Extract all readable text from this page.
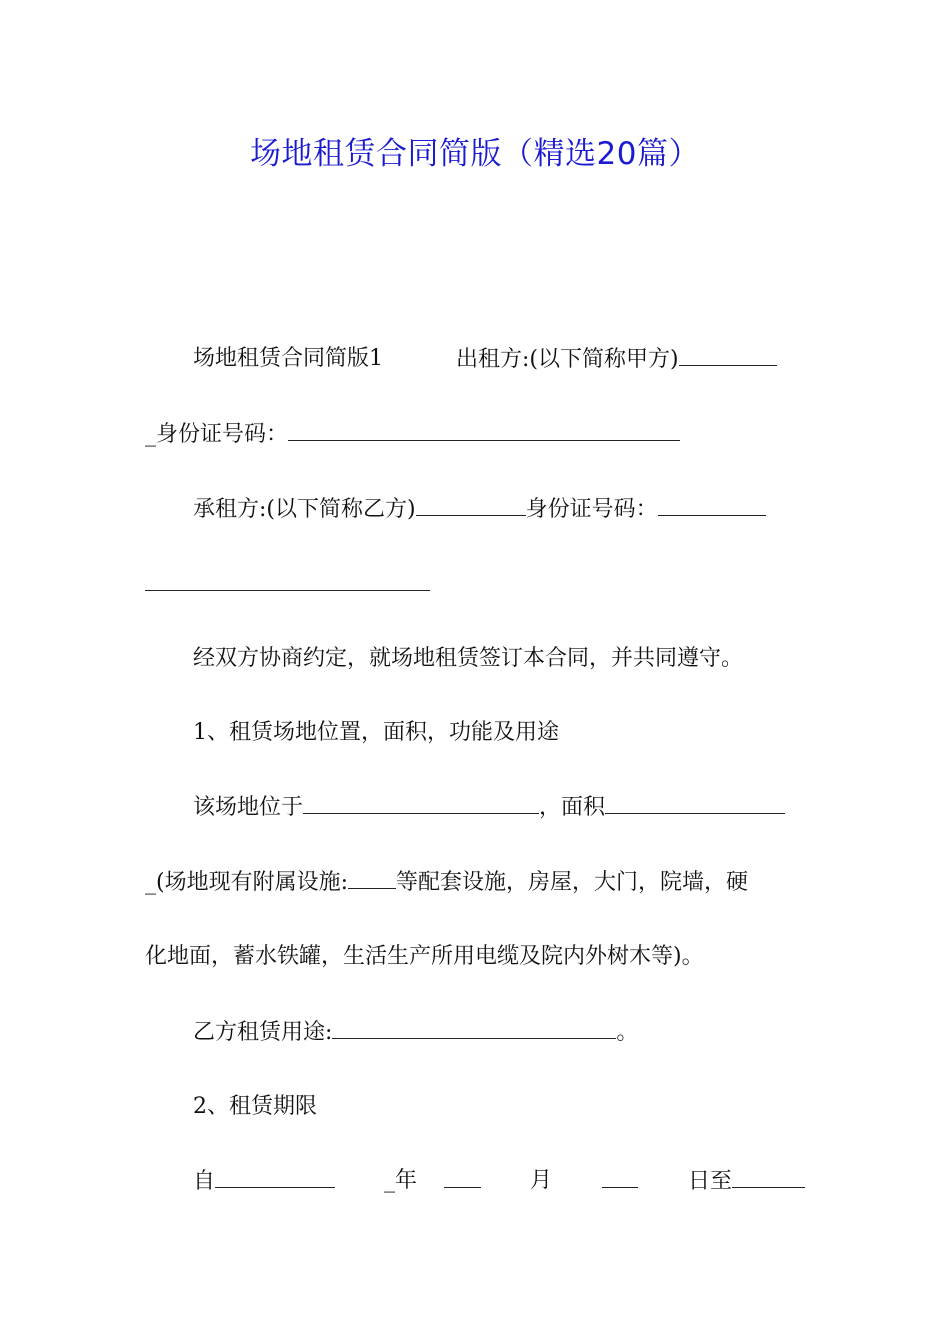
场地租赁合同简版（精选20篇）
场地租赁合同简版1	出租方:(以下简称甲方)
_身份证号码：
承租方:(以下简称乙方)	身份证号码：
经双方协商约定，就场地租赁签订本合同，并共同遵守。
1、租赁场地位置，面积，功能及用途
该场地位于	，面积
_(场地现有附属设施: 等配套设施，房屋，大门，院墙，硬
化地面，蓄水铁罐，生活生产所用电缆及院内外树木等)。
乙方租赁用途:	。
2、租赁期限
自	_年	月	日至
